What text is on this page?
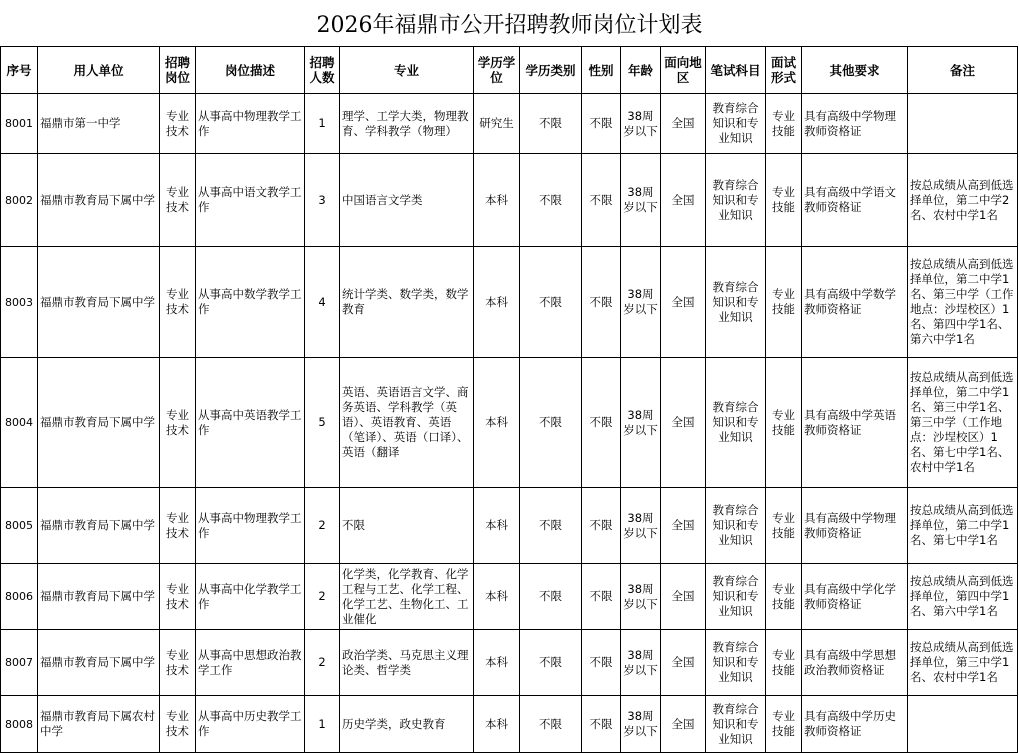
2026年福鼎市公开招聘教师岗位计划表
序号	用人单位	招聘岗位	岗位描述	招聘人数	专业	学历学位	学历类别	性别	年龄	面向地区	笔试科目	面试形式	其他要求	备注
8001	福鼎市第一中学	专业技术	从事高中物理教学工作	1	理学、工学大类，物理教育、学科教学（物理）	研究生	不限	不限	38周岁以下	全国	教育综合知识和专业知识	专业技能	具有高级中学物理教师资格证	
8002	福鼎市教育局下属中学	专业技术	从事高中语文教学工作	3	中国语言文学类	本科	不限	不限	38周岁以下	全国	教育综合知识和专业知识	专业技能	具有高级中学语文教师资格证	按总成绩从高到低选择单位，第二中学2名、农村中学1名
8003	福鼎市教育局下属中学	专业技术	从事高中数学教学工作	4	统计学类、数学类，数学教育	本科	不限	不限	38周岁以下	全国	教育综合知识和专业知识	专业技能	具有高级中学数学教师资格证	按总成绩从高到低选择单位，第二中学1名、第三中学（工作地点：沙埕校区）1名、第四中学1名、第六中学1名
8004	福鼎市教育局下属中学	专业技术	从事高中英语教学工作	5	英语、英语语言文学、商务英语、学科教学（英语）、英语教育、英语（笔译）、英语（口译）、英语（翻译	本科	不限	不限	38周岁以下	全国	教育综合知识和专业知识	专业技能	具有高级中学英语教师资格证	按总成绩从高到低选择单位，第二中学1名、第三中学1名、第三中学（工作地点：沙埕校区）1名、第七中学1名、农村中学1名
8005	福鼎市教育局下属中学	专业技术	从事高中物理教学工作	2	不限	本科	不限	不限	38周岁以下	全国	教育综合知识和专业知识	专业技能	具有高级中学物理教师资格证	按总成绩从高到低选择单位，第二中学1名、第七中学1名
8006	福鼎市教育局下属中学	专业技术	从事高中化学教学工作	2	化学类，化学教育、化学工程与工艺、化学工程、化学工艺、生物化工、工业催化	本科	不限	不限	38周岁以下	全国	教育综合知识和专业知识	专业技能	具有高级中学化学教师资格证	按总成绩从高到低选择单位，第四中学1名、第六中学1名
8007	福鼎市教育局下属中学	专业技术	从事高中思想政治教学工作	2	政治学类、马克思主义理论类、哲学类	本科	不限	不限	38周岁以下	全国	教育综合知识和专业知识	专业技能	具有高级中学思想政治教师资格证	按总成绩从高到低选择单位，第三中学1名、农村中学1名
8008	福鼎市教育局下属农村中学	专业技术	从事高中历史教学工作	1	历史学类，政史教育	本科	不限	不限	38周岁以下	全国	教育综合知识和专业知识	专业技能	具有高级中学历史教师资格证	
